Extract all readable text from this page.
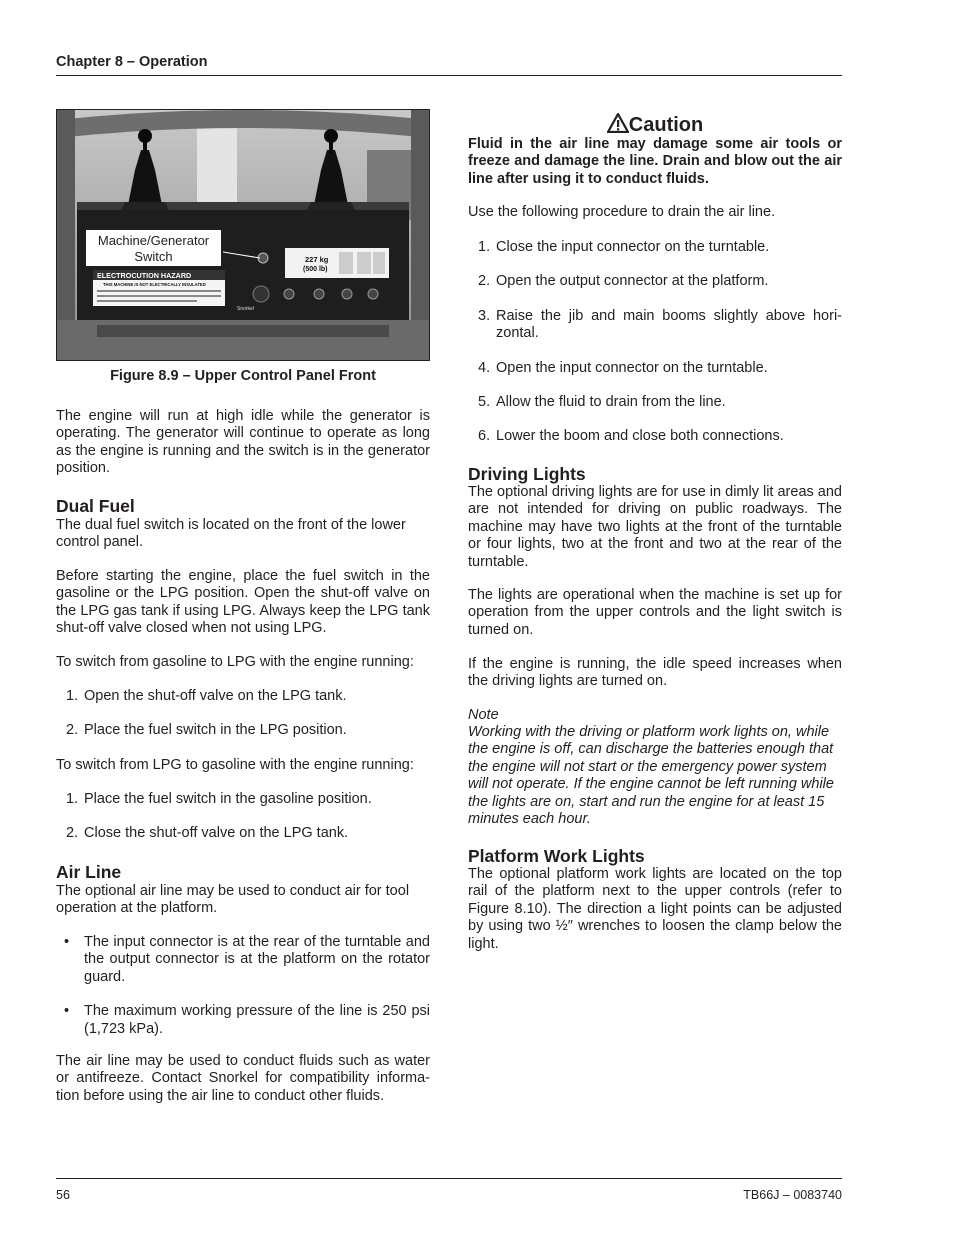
Chapter 8 – Operation
227 kg
(500 lb)
ELECTROCUTION HAZARD
THIS MACHINE IS NOT ELECTRICALLY INSULATED
Snorkel
Machine/Generator Switch
Figure 8.9 – Upper Control Panel Front

The engine will run at high idle while the generator is operating. The generator will continue to operate as long as the engine is running and the switch is in the generator position.

Dual Fuel

The dual fuel switch is located on the front of the lower control panel.

Before starting the engine, place the fuel switch in the gasoline or the LPG position. Open the shut-off valve on the LPG gas tank if using LPG. Always keep the LPG tank shut-off valve closed when not using LPG.

To switch from gasoline to LPG with the engine running:

1. Open the shut-off valve on the LPG tank.
2. Place the fuel switch in the LPG position.

To switch from LPG to gasoline with the engine running:

1. Place the fuel switch in the gasoline position.
2. Close the shut-off valve on the LPG tank.
Air Line

The optional air line may be used to conduct air for tool operation at the platform.

• The input connector is at the rear of the turntable and the output connector is at the platform on the rotator guard.
• The maximum working pressure of the line is 250 psi (1,723 kPa).

The air line may be used to conduct fluids such as water or antifreeze. Contact Snorkel for compatibility informa-tion before using the air line to conduct other fluids.

Caution

Fluid in the air line may damage some air tools or freeze and damage the line. Drain and blow out the air line after using it to conduct fluids.

Use the following procedure to drain the air line.

1. Close the input connector on the turntable.
2. Open the output connector at the platform.
3. Raise the jib and main booms slightly above hori-zontal.
4. Open the input connector on the turntable.
5. Allow the fluid to drain from the line.
6. Lower the boom and close both connections.
Driving Lights

The optional driving lights are for use in dimly lit areas and are not intended for driving on public roadways. The machine may have two lights at the front of the turntable or four lights, two at the front and two at the rear of the turntable.

The lights are operational when the machine is set up for operation from the upper controls and the light switch is turned on.

If the engine is running, the idle speed increases when the driving lights are turned on.

Note

Working with the driving or platform work lights on, while the engine is off, can discharge the batteries enough that the engine will not start or the emergency power system will not operate. If the engine cannot be left running while the lights are on, start and run the engine for at least 15 minutes each hour.

Platform Work Lights

The optional platform work lights are located on the top rail of the platform next to the upper controls (refer to Figure 8.10). The direction a light points can be adjusted by using two ½″ wrenches to loosen the clamp below the light.

56	TB66J – 0083740
